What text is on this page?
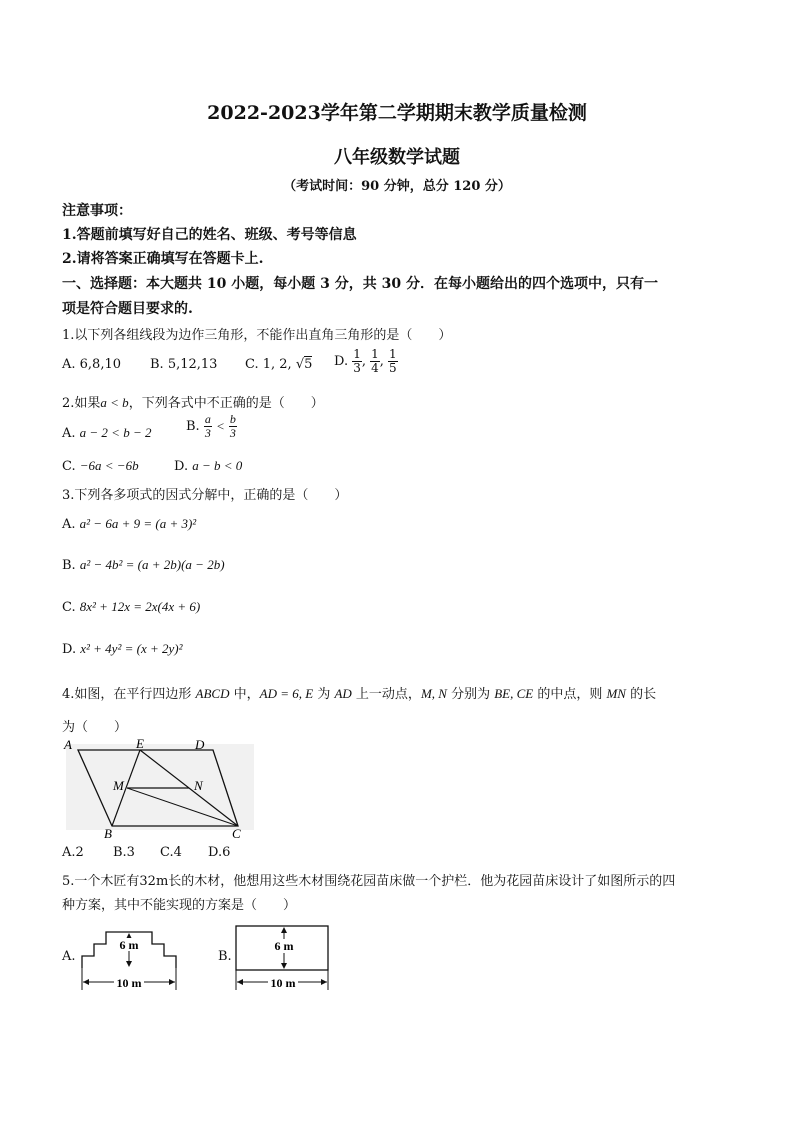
2022-2023学年第二学期期末教学质量检测
八年级数学试题
（考试时间：90 分钟，总分 120 分）
注意事项：
1.答题前填写好自己的姓名、班级、考号等信息
2.请将答案正确填写在答题卡上.
一、选择题：本大题共 10 小题，每小题 3 分，共 30 分．在每小题给出的四个选项中，只有一
项是符合题目要求的.
1.以下列各组线段为边作三角形，不能作出直角三角形的是（　　）
A. 6,8,10 B. 5,12,13 C. 1, 2, √5 D. $\frac{1}{3}$ , $\frac{1}{4}$ , $\frac{1}{5}$
2.如果a < b，下列各式中不正确的是（　　）
A. a − 2 < b − 2	B. $\frac{a}{3} < \frac{b}{3}$
C. −6a < −6b	D. a − b < 0
3.下列各多项式的因式分解中，正确的是（　　）
A. a² − 6a + 9 = (a + 3)²
B. a² − 4b² = (a + 2b)(a − 2b)
C. 8x² + 12x = 2x(4x + 6)
D. x² + 4y² = (x + 2y)²
4.如图，在平行四边形 ABCD 中，AD = 6, E 为 AD 上一动点，M, N 分别为 BE, CE 的中点，则 MN 的长
为（　　）
A	E	D
M	N
B	C
A.2 B.3 C.4 D.6
5.一个木匠有32m长的木材，他想用这些木材围绕花园苗床做一个护栏．他为花园苗床设计了如图所示的四
种方案，其中不能实现的方案是（　　）
A.
6 m
10 m
B.
6 m
10 m
